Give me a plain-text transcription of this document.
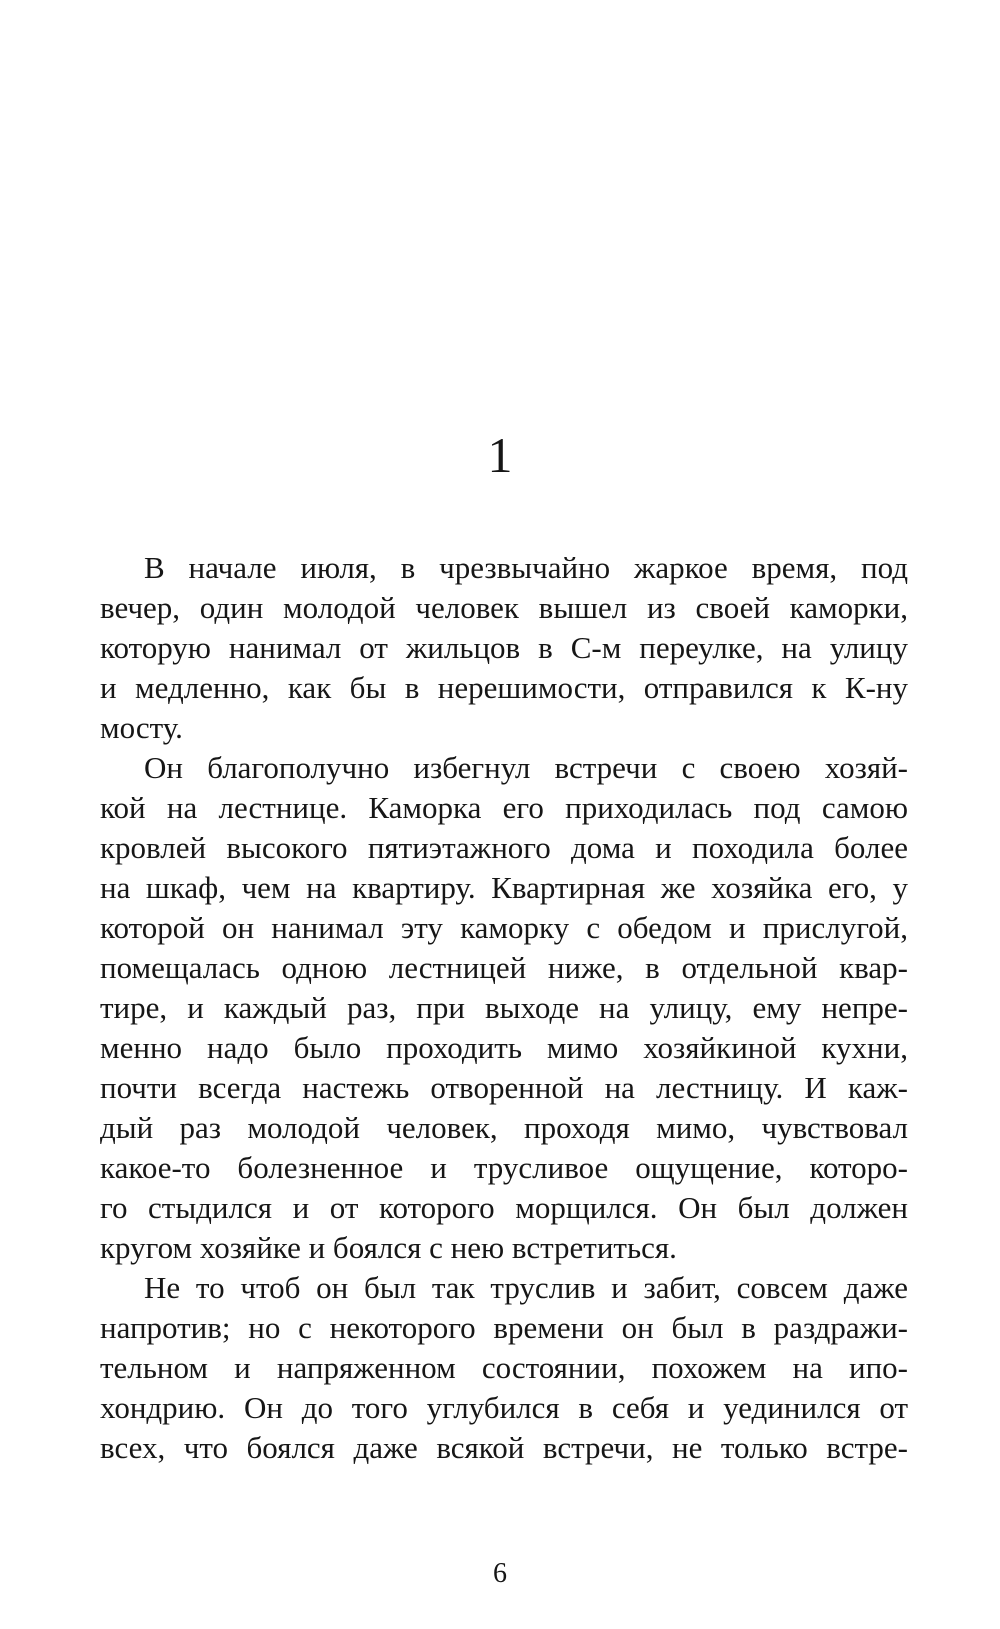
1
В начале июля, в чрезвычайно жаркое время, под
вечер, один молодой человек вышел из своей каморки,
которую нанимал от жильцов в С-м переулке, на улицу
и медленно, как бы в нерешимости, отправился к К-ну
мосту.
Он благополучно избегнул встречи с своею хозяй-
кой на лестнице. Каморка его приходилась под самою
кровлей высокого пятиэтажного дома и походила более
на шкаф, чем на квартиру. Квартирная же хозяйка его, у
которой он нанимал эту каморку с обедом и прислугой,
помещалась одною лестницей ниже, в отдельной квар-
тире, и каждый раз, при выходе на улицу, ему непре-
менно надо было проходить мимо хозяйкиной кухни,
почти всегда настежь отворенной на лестницу. И каж-
дый раз молодой человек, проходя мимо, чувствовал
какое-то болезненное и трусливое ощущение, которо-
го стыдился и от которого морщился. Он был должен
кругом хозяйке и боялся с нею встретиться.
Не то чтоб он был так труслив и забит, совсем даже
напротив; но с некоторого времени он был в раздражи-
тельном и напряженном состоянии, похожем на ипо-
хондрию. Он до того углубился в себя и уединился от
всех, что боялся даже всякой встречи, не только встре-
6
